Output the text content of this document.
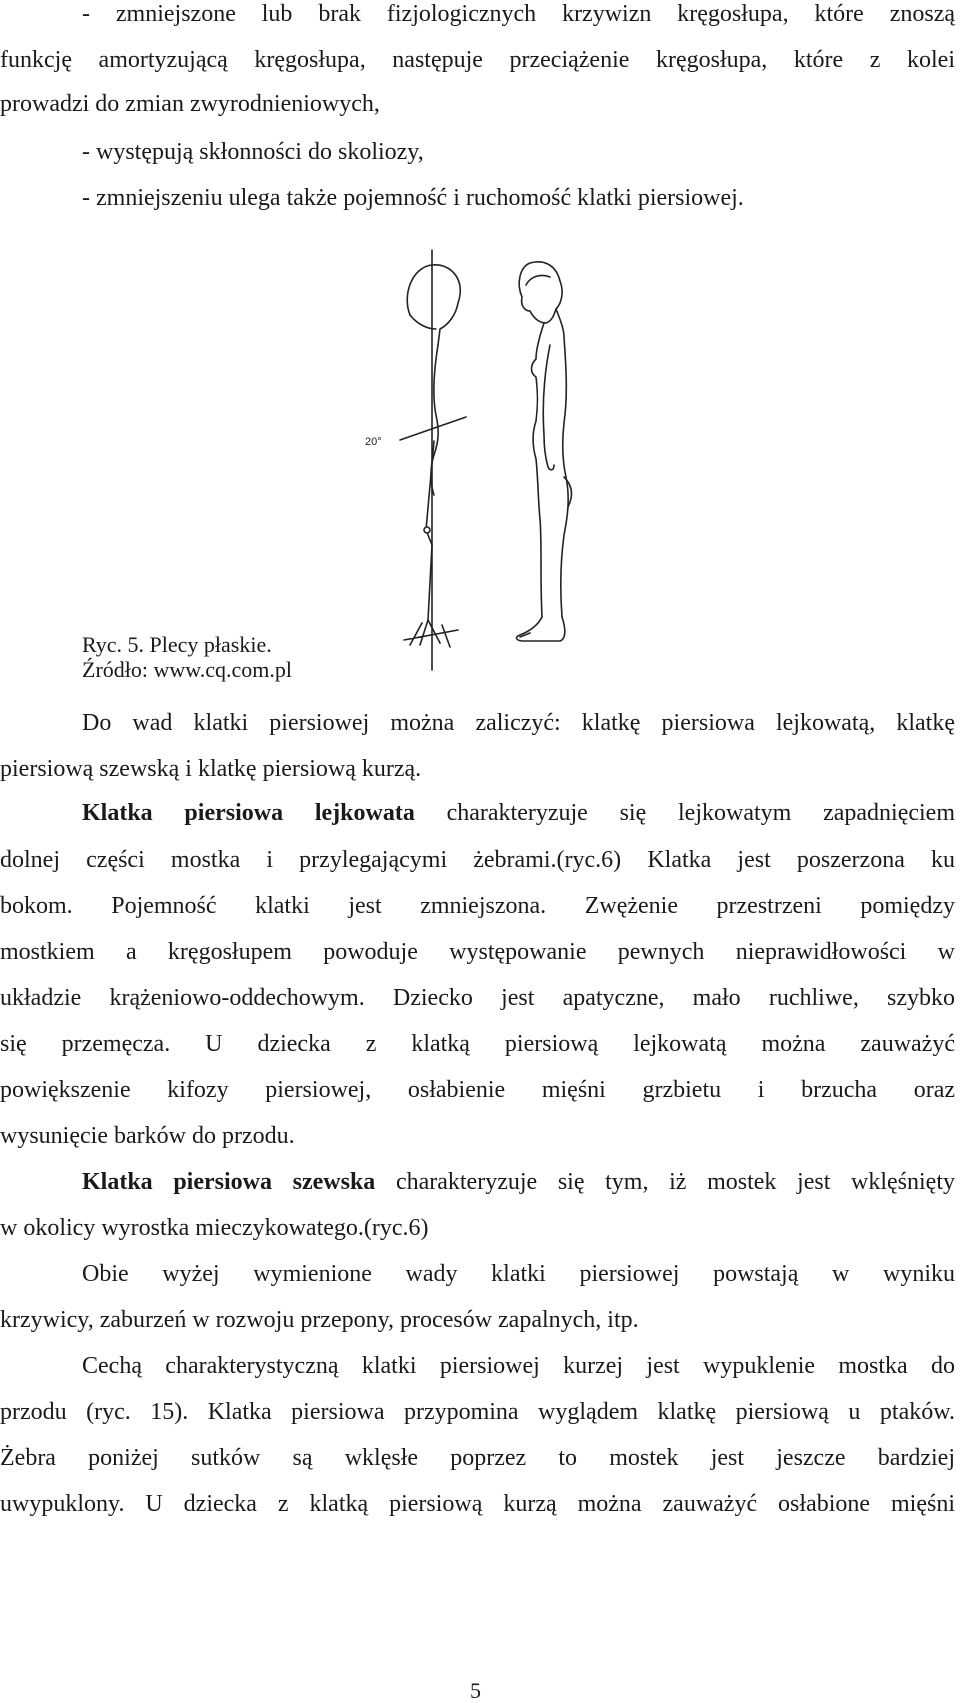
- zmniejszone lub brak fizjologicznych krzywizn kręgosłupa, które znoszą
funkcję amortyzującą kręgosłupa, następuje przeciążenie kręgosłupa, które z kolei
prowadzi do zmian zwyrodnieniowych,
- występują skłonności do skoliozy,
- zmniejszeniu ulega także pojemność i ruchomość klatki piersiowej.
20°
Ryc. 5. Plecy płaskie.
Źródło: www.cq.com.pl
Do wad klatki piersiowej można zaliczyć: klatkę piersiowa lejkowatą, klatkę
piersiową szewską i klatkę piersiową kurzą.
Klatka piersiowa lejkowata charakteryzuje się lejkowatym zapadnięciem
dolnej części mostka i przylegającymi żebrami.(ryc.6) Klatka jest poszerzona ku
bokom. Pojemność klatki jest zmniejszona. Zwężenie przestrzeni pomiędzy
mostkiem a kręgosłupem powoduje występowanie pewnych nieprawidłowości w
układzie krążeniowo-oddechowym. Dziecko jest apatyczne, mało ruchliwe, szybko
się przemęcza. U dziecka z klatką piersiową lejkowatą można zauważyć
powiększenie kifozy piersiowej, osłabienie mięśni grzbietu i brzucha oraz
wysunięcie barków do przodu.
Klatka piersiowa szewska charakteryzuje się tym, iż mostek jest wklęśnięty
w okolicy wyrostka mieczykowatego.(ryc.6)
Obie wyżej wymienione wady klatki piersiowej powstają w wyniku
krzywicy, zaburzeń w rozwoju przepony, procesów zapalnych, itp.
Cechą charakterystyczną klatki piersiowej kurzej jest wypuklenie mostka do
przodu (ryc. 15). Klatka piersiowa przypomina wyglądem klatkę piersiową u ptaków.
Żebra poniżej sutków są wklęsłe poprzez to mostek jest jeszcze bardziej
uwypuklony. U dziecka z klatką piersiową kurzą można zauważyć osłabione mięśni
5
